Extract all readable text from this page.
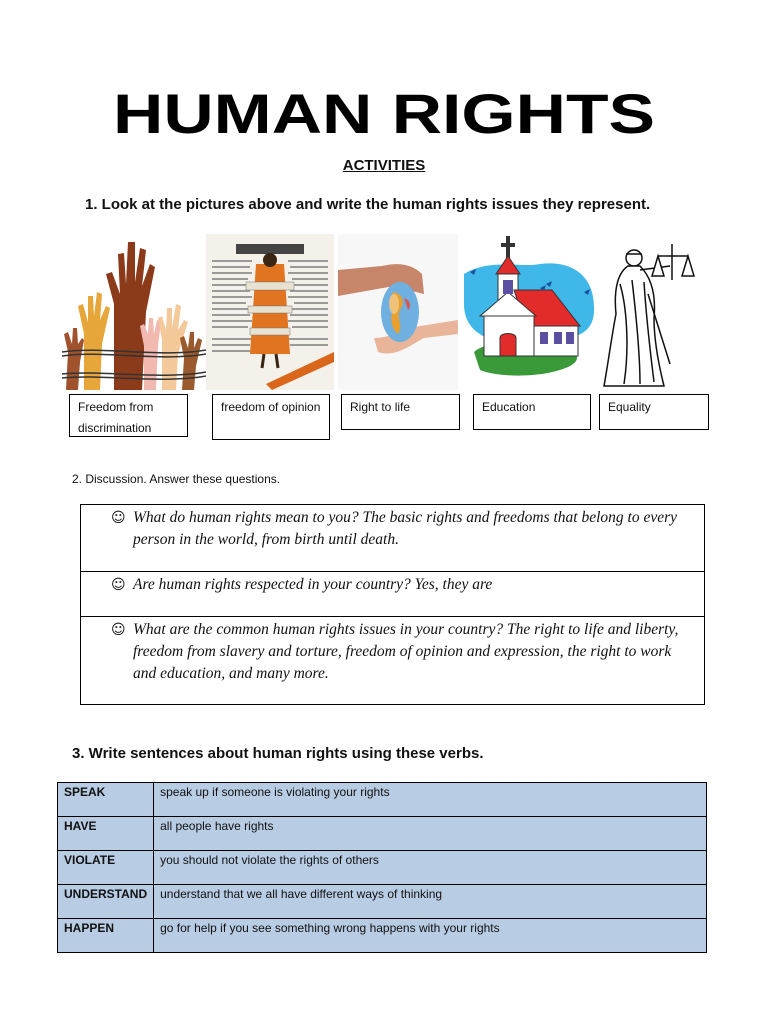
HUMAN RIGHTS
ACTIVITIES
1. Look at the pictures above and write the human rights issues they represent.
Freedom from discrimination
freedom of opinion	Right to life	Education	Equality
2. Discussion. Answer these questions.
☺ What do human rights mean to you? The basic rights and freedoms that belong to every person in the world, from birth until death.
☺ Are human rights respected in your country? Yes, they are
☺ What are the common human rights issues in your country? The right to life and liberty, freedom from slavery and torture, freedom of opinion and expression, the right to work and education, and many more.
3. Write sentences about human rights using these verbs.
SPEAK	speak up if someone is violating your rights
HAVE	all people have rights
VIOLATE	you should not violate the rights of others
UNDERSTAND	understand that we all have different ways of thinking
HAPPEN	go for help if you see something wrong happens with your rights
